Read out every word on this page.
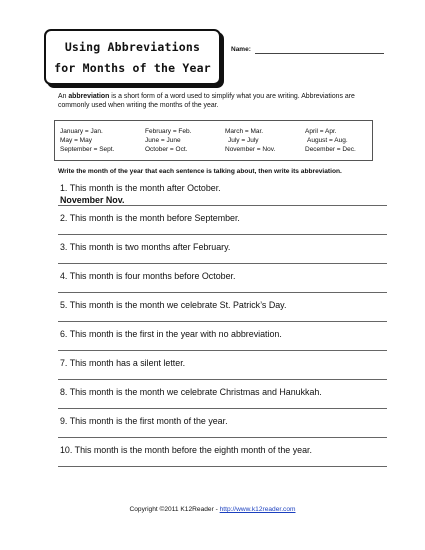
Using Abbreviations
for Months of the Year
Name:
An abbreviation is a short form of a word used to simplify what you are writing. Abbreviations are commonly used when writing the months of the year.
January = Jan.	February = Feb.	March = Mar.	April = Apr.
May = May	June = June	July = July	August = Aug.
September = Sept.	October = Oct.	November = Nov.	December = Dec.
Write the month of the year that each sentence is talking about, then write its abbreviation.
1. This month is the month after October.
November Nov.
2. This month is the month before September.
3. This month is two months after February.
4. This month is four months before October.
5. This month is the month we celebrate St. Patrick’s Day.
6. This month is the first in the year with no abbreviation.
7. This month has a silent letter.
8. This month is the month we celebrate Christmas and Hanukkah.
9. This month is the first month of the year.
10. This month is the month before the eighth month of the year.
Copyright ©2011 K12Reader - http://www.k12reader.com
